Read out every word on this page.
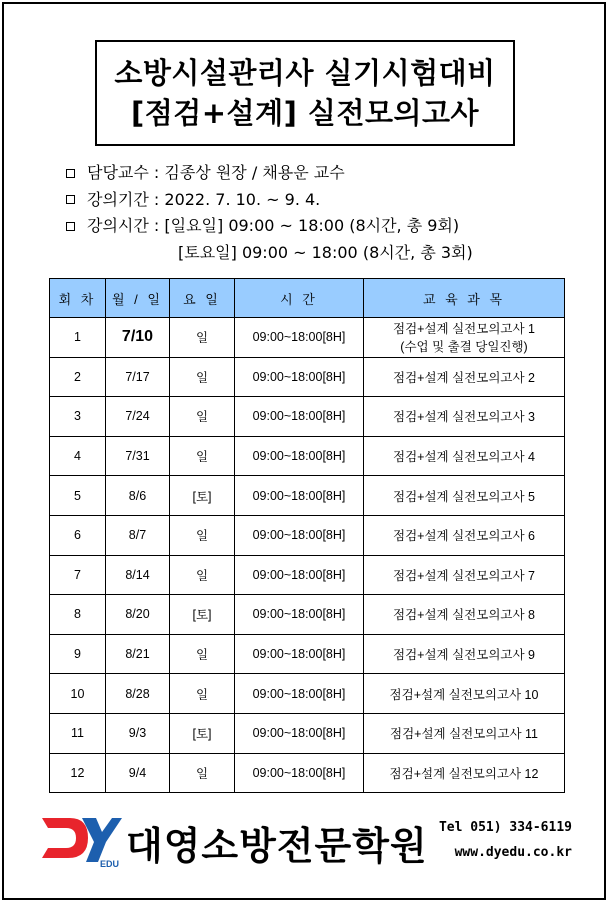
소방시설관리사 실기시험대비
[점검+설계] 실전모의고사
담당교수 : 김종상 원장 / 채용운 교수
강의기간 : 2022. 7. 10. ~ 9. 4.
강의시간 : [일요일] 09:00 ~ 18:00 (8시간, 총 9회)
[토요일] 09:00 ~ 18:00 (8시간, 총 3회)
회 차	월 / 일	요 일	시 간	교 육 과 목
1	7/10	일	09:00~18:00[8H]	점검+설계 실전모의고사 1
(수업 및 출결 당일진행)

2	7/17	일	09:00~18:00[8H]	점검+설계 실전모의고사 2

3	7/24	일	09:00~18:00[8H]	점검+설계 실전모의고사 3

4	7/31	일	09:00~18:00[8H]	점검+설계 실전모의고사 4

5	8/6	[토]	09:00~18:00[8H]	점검+설계 실전모의고사 5

6	8/7	일	09:00~18:00[8H]	점검+설계 실전모의고사 6

7	8/14	일	09:00~18:00[8H]	점검+설계 실전모의고사 7

8	8/20	[토]	09:00~18:00[8H]	점검+설계 실전모의고사 8

9	8/21	일	09:00~18:00[8H]	점검+설계 실전모의고사 9

10	8/28	일	09:00~18:00[8H]	점검+설계 실전모의고사 10

11	9/3	[토]	09:00~18:00[8H]	점검+설계 실전모의고사 11

12	9/4	일	09:00~18:00[8H]	점검+설계 실전모의고사 12
EDU 대영소방전문학원 Tel 051) 334-6119
www.dyedu.co.kr
